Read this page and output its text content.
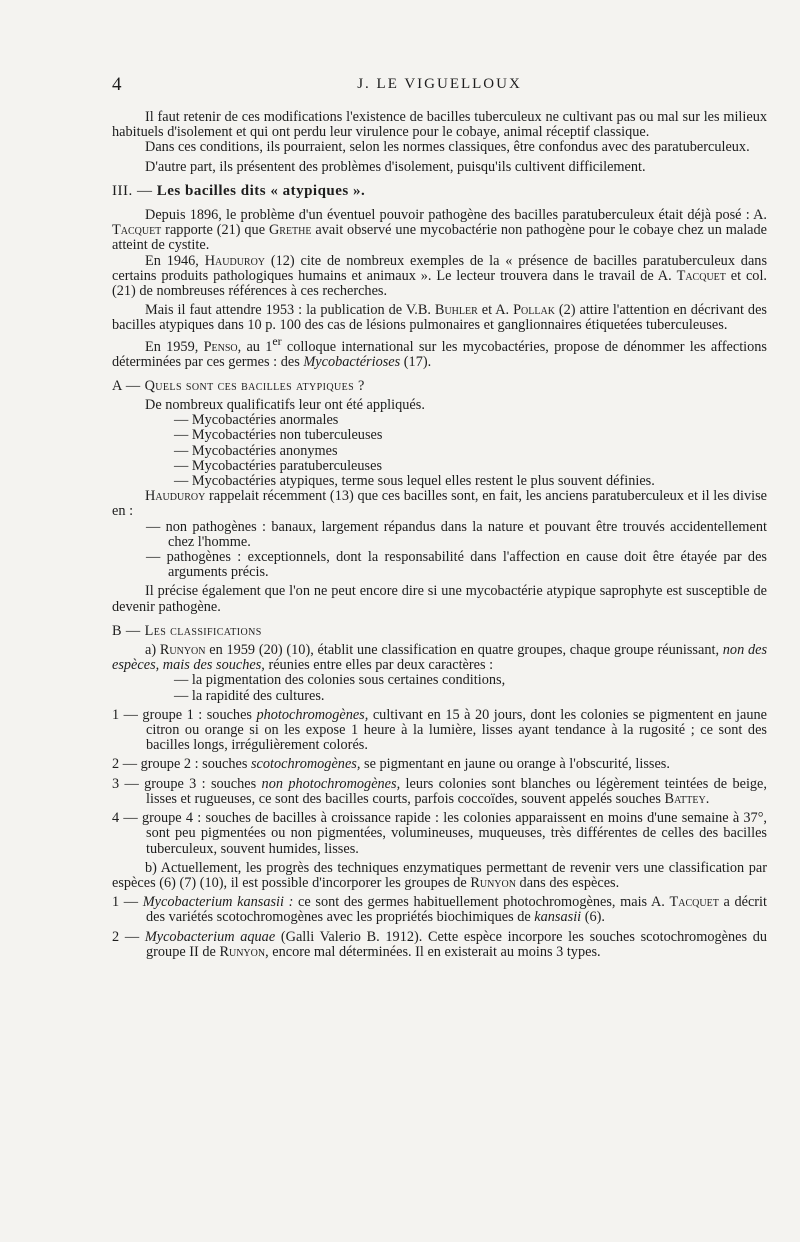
4	J. LE VIGUELLOUX

Il faut retenir de ces modifications l'existence de bacilles tuberculeux ne cultivant pas ou mal sur les milieux habituels d'isolement et qui ont perdu leur virulence pour le cobaye, animal réceptif classique.

Dans ces conditions, ils pourraient, selon les normes classiques, être confondus avec des paratuberculeux.

D'autre part, ils présentent des problèmes d'isolement, puisqu'ils cultivent difficilement.

III. — Les bacilles dits « atypiques ».

Depuis 1896, le problème d'un éventuel pouvoir pathogène des bacilles paratuberculeux était déjà posé : A. Tacquet rapporte (21) que Grethe avait observé une mycobactérie non pathogène pour le cobaye chez un malade atteint de cystite.

En 1946, Hauduroy (12) cite de nombreux exemples de la « présence de bacilles paratuberculeux dans certains produits pathologiques humains et animaux ». Le lecteur trouvera dans le travail de A. Tacquet et col. (21) de nombreuses références à ces recherches.

Mais il faut attendre 1953 : la publication de V.B. Buhler et A. Pollak (2) attire l'attention en décrivant des bacilles atypiques dans 10 p. 100 des cas de lésions pulmonaires et ganglionnaires étiquetées tuberculeuses.

En 1959, Penso, au 1er colloque international sur les mycobactéries, propose de dénommer les affections déterminées par ces germes : des Mycobactérioses (17).

A — Quels sont ces bacilles atypiques ?

De nombreux qualificatifs leur ont été appliqués.

— Mycobactéries anormales

— Mycobactéries non tuberculeuses

— Mycobactéries anonymes

— Mycobactéries paratuberculeuses

— Mycobactéries atypiques, terme sous lequel elles restent le plus souvent définies.

Hauduroy rappelait récemment (13) que ces bacilles sont, en fait, les anciens paratuberculeux et il les divise en :

— non pathogènes : banaux, largement répandus dans la nature et pouvant être trouvés accidentellement chez l'homme.

— pathogènes : exceptionnels, dont la responsabilité dans l'affection en cause doit être étayée par des arguments précis.

Il précise également que l'on ne peut encore dire si une mycobactérie atypique saprophyte est susceptible de devenir pathogène.

B — Les classifications

a) Runyon en 1959 (20) (10), établit une classification en quatre groupes, chaque groupe réunissant, non des espèces, mais des souches, réunies entre elles par deux caractères :

— la pigmentation des colonies sous certaines conditions,

— la rapidité des cultures.

1 — groupe 1 : souches photochromogènes, cultivant en 15 à 20 jours, dont les colonies se pigmentent en jaune citron ou orange si on les expose 1 heure à la lumière, lisses ayant tendance à la rugosité ; ce sont des bacilles longs, irrégulièrement colorés.

2 — groupe 2 : souches scotochromogènes, se pigmentant en jaune ou orange à l'obscurité, lisses.

3 — groupe 3 : souches non photochromogènes, leurs colonies sont blanches ou légèrement teintées de beige, lisses et rugueuses, ce sont des bacilles courts, parfois coccoïdes, souvent appelés souches Battey.

4 — groupe 4 : souches de bacilles à croissance rapide : les colonies apparaissent en moins d'une semaine à 37°, sont peu pigmentées ou non pigmentées, volumineuses, muqueuses, très différentes de celles des bacilles tuberculeux, souvent humides, lisses.

b) Actuellement, les progrès des techniques enzymatiques permettant de revenir vers une classification par espèces (6) (7) (10), il est possible d'incorporer les groupes de Runyon dans des espèces.

1 — Mycobacterium kansasii : ce sont des germes habituellement photochromogènes, mais A. Tacquet a décrit des variétés scotochromogènes avec les propriétés biochimiques de kansasii (6).

2 — Mycobacterium aquae (Galli Valerio B. 1912). Cette espèce incorpore les souches scotochromogènes du groupe II de Runyon, encore mal déterminées. Il en existerait au moins 3 types.
